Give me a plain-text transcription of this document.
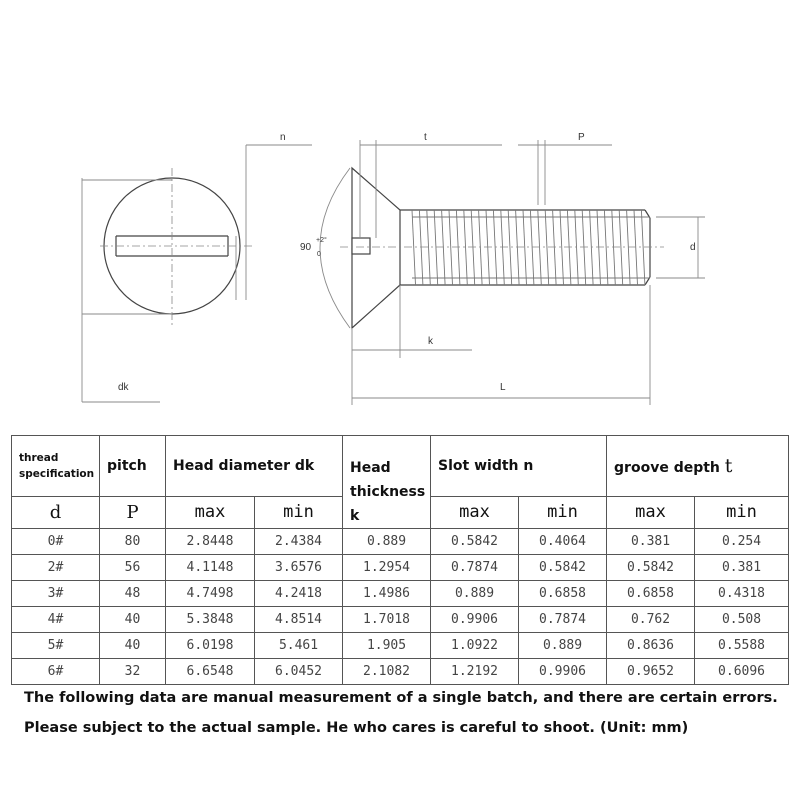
dk
n
90
+2°
0
t	P
d
k
L
thread
specification	pitch	Head diameter dk		Head thickness k	Slot width n		groove depth t	
d	P	max	min		max	min	max	min
0#	80	2.8448	2.4384	0.889	0.5842	0.4064	0.381	0.254
2#	56	4.1148	3.6576	1.2954	0.7874	0.5842	0.5842	0.381
3#	48	4.7498	4.2418	1.4986	0.889	0.6858	0.6858	0.4318
4#	40	5.3848	4.8514	1.7018	0.9906	0.7874	0.762	0.508
5#	40	6.0198	5.461	1.905	1.0922	0.889	0.8636	0.5588
6#	32	6.6548	6.0452	2.1082	1.2192	0.9906	0.9652	0.6096

The following data are manual measurement of a single batch, and there are certain errors.

Please subject to the actual sample. He who cares is careful to shoot. (Unit: mm)
